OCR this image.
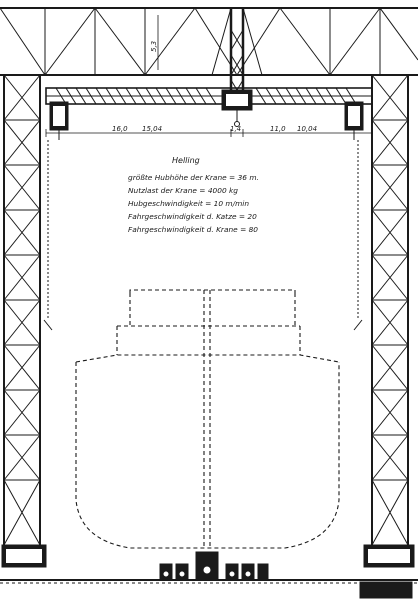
16,0 15,04	1,4	11,0 10,04
5,3
Helling
größte Hubhöhe der Krane = 36 m.
Nutzlast der Krane = 4000 kg
Hubgeschwindigkeit = 10 m/min
Fahrgeschwindigkeit d. Katze = 20
Fahrgeschwindigkeit d. Krane = 80
